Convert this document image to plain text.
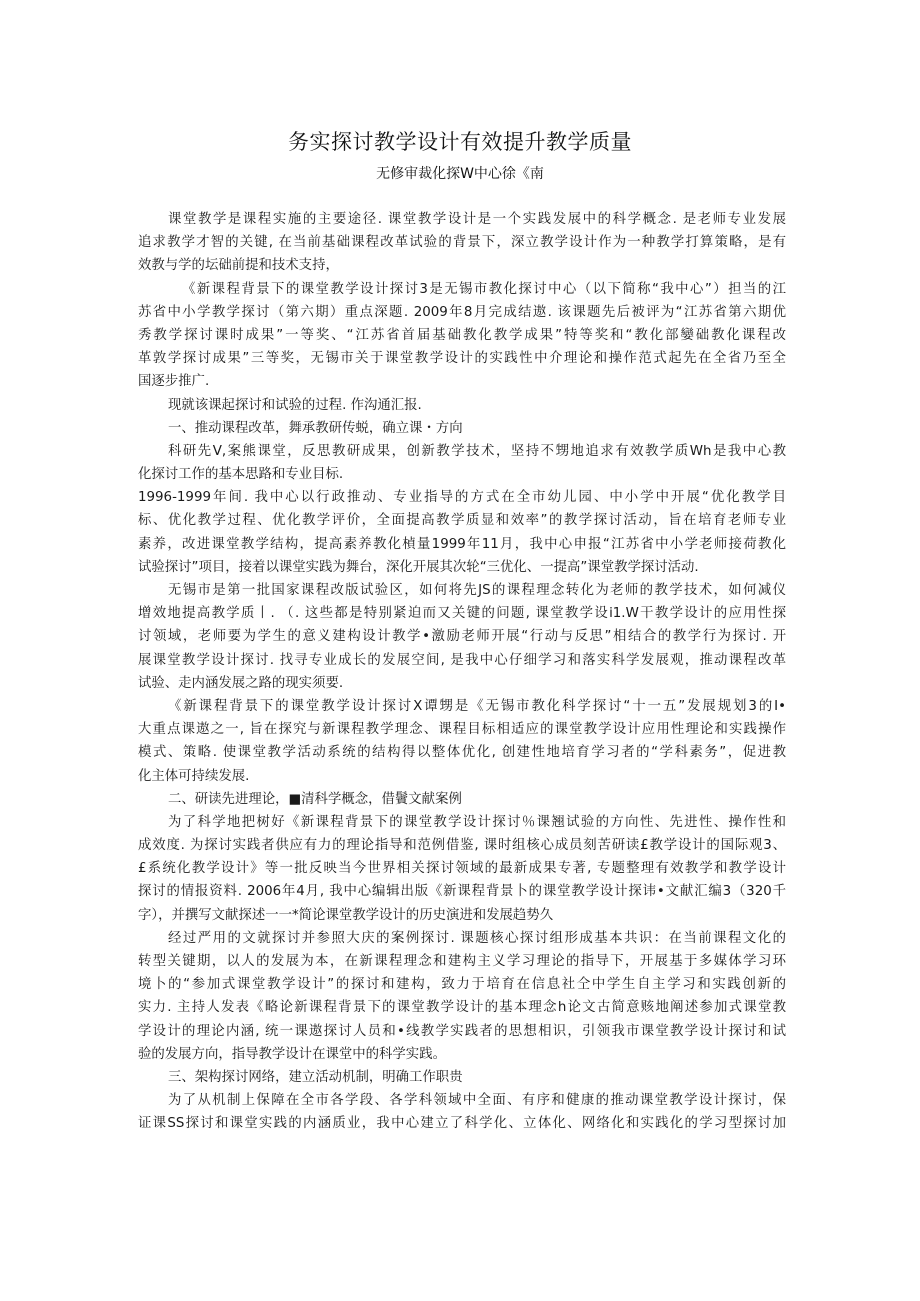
务实探讨教学设计有效提升教学质量
无修审裁化探W中心徐《南
课堂教学是课程实施的主要途径. 课堂教学设计是一个实践发展中的科学概念. 是老师专业发展
追求教学才智的关键, 在当前基础课程改革试验的背景下，深立教学设计作为一种教学打算策略，是有
效教与学的坛础前提和技术支持，
《新课程背景下的课堂教学设计探讨3是无锡市教化探讨中心（以下简称“我中心”）担当的江
苏省中小学教学探讨（第六期）重点深题. 2009年8月完成结遨. 该课题先后被评为“江苏省第六期优
秀教学探讨课时成果”一等奖、“江苏省首届基础教化教学成果”特等奖和“教化部孌础教化课程改
革敦学探讨成果”三等奖，无锡市关于课堂教学设计的实践性中介理论和操作范式起先在全省乃至全
国逐步推广.
现就该课起探讨和试验的过程. 作沟通汇报.
一、推动课程改革，舞承教研传蜕，确立课・方向
科研先V,案熊课堂，反思教研成果，创新教学技术，坚持不甥地追求有效教学质Wh是我中心教
化探讨工作的基本思路和专业目标.
1996-1999年间. 我中心以行政推动、专业指导的方式在全市幼儿园、中小学中开展“优化教学目
标、优化教学过程、优化教学评价，全面提高教学质显和效率”的教学探讨活动，旨在培育老师专业
素养，改进课堂教学结构，提高素养教化楨量1999年11月，我中心申报“江苏省中小学老师接荷教化
试验探讨”项目，接着以课堂实践为舞台，深化开展其次轮“三优化、一提高”课堂教学探讨活动.
无锡市是第一批国家课程改版试验区，如何将先JS的课程理念转化为老师的教学技术，如何减仪
增效地提高教学质丨. （. 这些都是特别紧迫而又关键的问题, 课堂教学设i1.W干教学设计的应用性探
讨领域，老师要为学生的意义建构设计教学•激励老师开展“行动与反思”相结合的教学行为探讨. 开
展课堂教学设计探讨. 找寻专业成长的发展空间, 是我中心仔细学习和落实科学发展观，推动课程改革
试验、走内涵发展之路的现实须要.
《新课程背景下的课堂教学设计探讨X谭甥是《无锡市教化科学探讨“十一五”发展规划3的I•
大重点课遨之一, 旨在探究与新课程教学理念、课程目标相适应的课堂教学设计应用性理论和实践操作
模式、策略. 使课堂教学活动系统的结构得以整体优化, 创建性地培育学习者的“学科素务”，促进教
化主体可持续发展.
二、研读先进理论，■清科学概念，借鬢文献案例
为了科学地把树好《新课程背景下的课堂教学设计探讨％课翘试验的方向性、先进性、操作性和
成效度. 为探讨实践者供应有力的理论指导和范例借鉴, 课时组核心成员刻苦研读£教学设计的国际观3、
£系统化教学设计》等一批反映当今世界相关探讨领域的最新成果专著, 专题整理有效教学和教学设计
探讨的情报资料. 2006年4月, 我中心编辑出版《新课程背景卜的课堂教学设计探讳•文献汇编3（320千
字），并撰写文献探述一一*简论课堂教学设计的历史演进和发展趋势久
经过严用的文就探讨并参照大庆的案例探讨. 课题核心探讨组形成基本共识：在当前课程文化的
转型关键期，以人的发展为本，在新课程理念和建构主义学习理论的指导下，开展基于多媒体学习环
境卜的“参加式课堂教学设计”的探讨和建构，致力于培育在信息社仝中学生自主学习和实践创新的
实力. 主持人发表《略论新课程背景下的课堂教学设计的基本理念h论文古简意赅地阐述参加式课堂教
学设计的理论内涵, 统一课遨探讨人员和•线教学实践者的思想相识，引领我市课堂教学设计探讨和试
验的发展方向，指导教学设计在课堂中的科学实践。
三、架构探讨网络，建立活动机制，明确工作职贵
为了从机制上保障在全市各学段、各学科领域中全面、有序和健康的推动课堂教学设计探讨，保
证课SS探讨和课堂实践的内涵质业，我中心建立了科学化、立体化、网络化和实践化的学习型探讨加
